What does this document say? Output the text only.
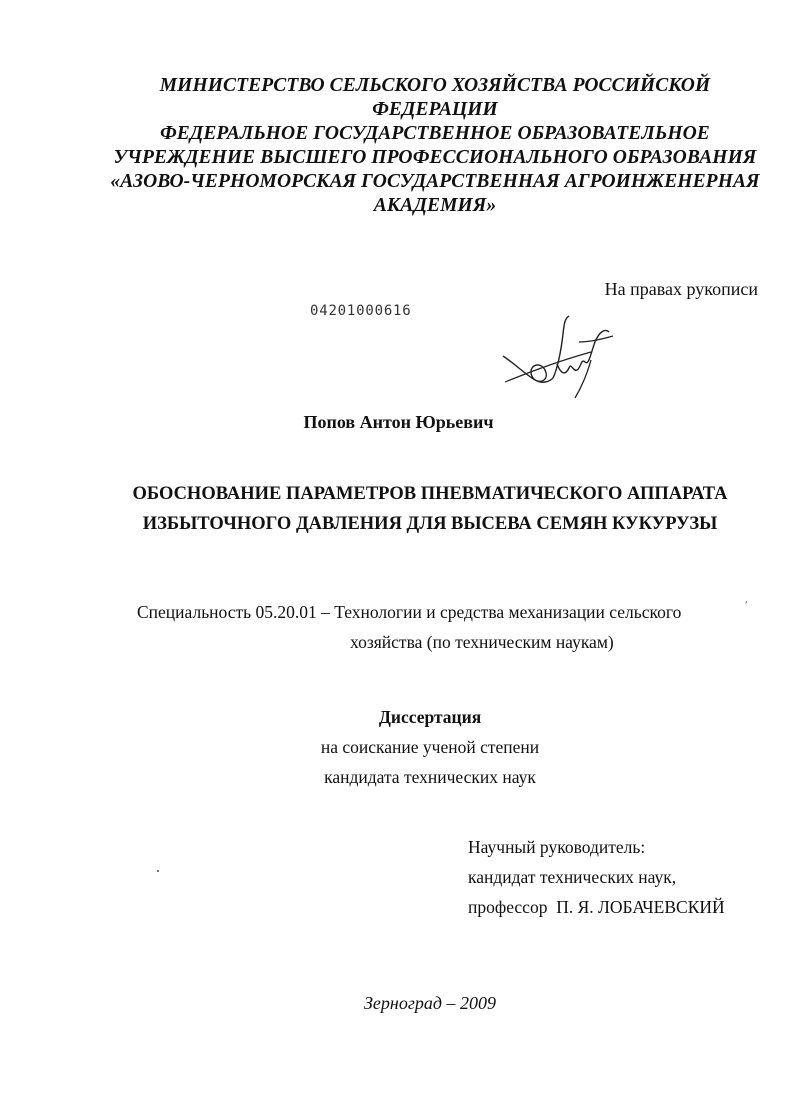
МИНИСТЕРСТВО СЕЛЬСКОГО ХОЗЯЙСТВА РОССИЙСКОЙ
ФЕДЕРАЦИИ
ФЕДЕРАЛЬНОЕ ГОСУДАРСТВЕННОЕ ОБРАЗОВАТЕЛЬНОЕ
УЧРЕЖДЕНИЕ ВЫСШЕГО ПРОФЕССИОНАЛЬНОГО ОБРАЗОВАНИЯ
«АЗОВО-ЧЕРНОМОРСКАЯ ГОСУДАРСТВЕННАЯ АГРОИНЖЕНЕРНАЯ
АКАДЕМИЯ»
На правах рукописи
04201000616
Попов Антон Юрьевич
ОБОСНОВАНИЕ ПАРАМЕТРОВ ПНЕВМАТИЧЕСКОГО АППАРАТА
ИЗБЫТОЧНОГО ДАВЛЕНИЯ ДЛЯ ВЫСЕВА СЕМЯН КУКУРУЗЫ
Специальность 05.20.01 – Технологии и средства механизации сельского
хозяйства (по техническим наукам)
ʹ
Диссертация
на соискание ученой степени
кандидата технических наук
Научный руководитель:
кандидат технических наук,
профессор  П. Я. ЛОБАЧЕВСКИЙ
Зерноград – 2009
